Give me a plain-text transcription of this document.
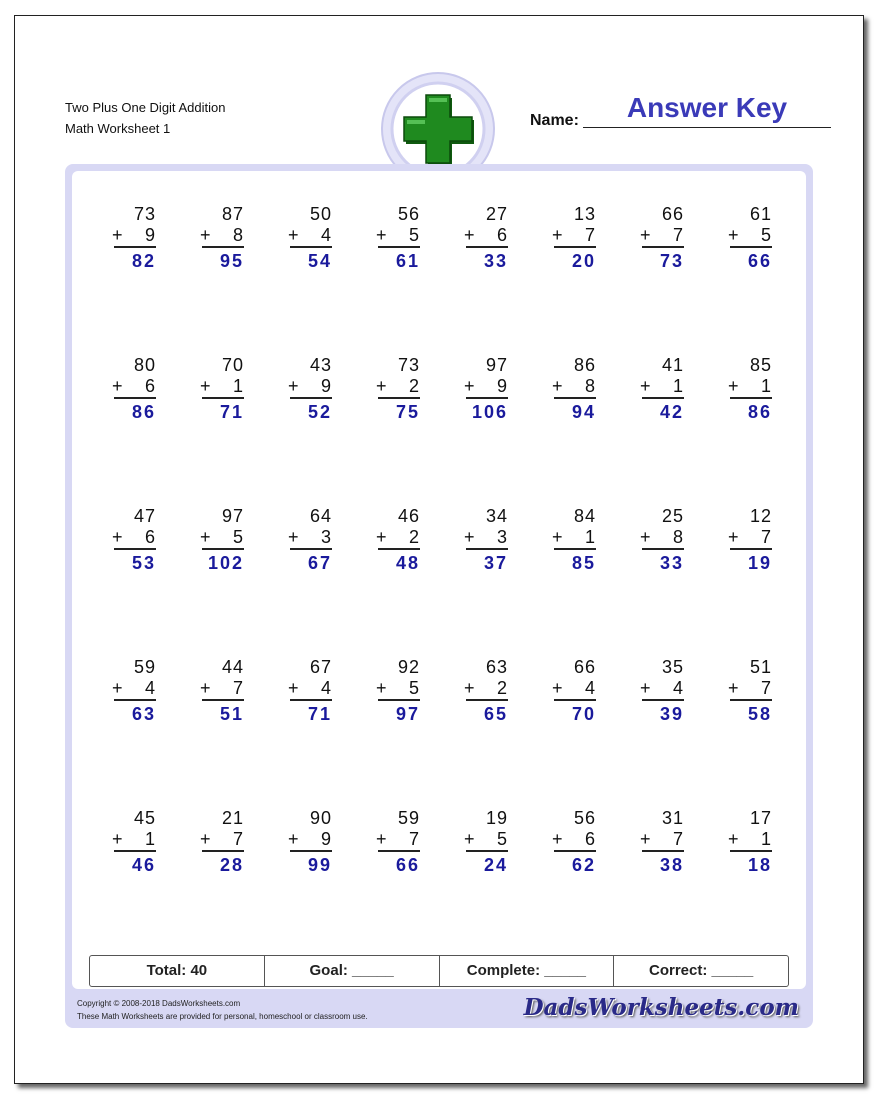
Two Plus One Digit Addition
Math Worksheet 1	Name:	Answer Key
73
+ 9
82
87
+ 8
95
50
+ 4
54
56
+ 5
61
27
+ 6
33
13
+ 7
20
66
+ 7
73
61
+ 5
66
80
+ 6
86
70
+ 1
71
43
+ 9
52
73
+ 2
75
97
+ 9
106
86
+ 8
94
41
+ 1
42
85
+ 1
86
47
+ 6
53
97
+ 5
102
64
+ 3
67
46
+ 2
48
34
+ 3
37
84
+ 1
85
25
+ 8
33
12
+ 7
19
59
+ 4
63
44
+ 7
51
67
+ 4
71
92
+ 5
97
63
+ 2
65
66
+ 4
70
35
+ 4
39
51
+ 7
58
45
+ 1
46
21
+ 7
28
90
+ 9
99
59
+ 7
66
19
+ 5
24
56
+ 6
62
31
+ 7
38
17
+ 1
18
Total: 40	Goal: _____	Complete: _____	Correct: _____
Copyright © 2008-2018 DadsWorksheets.com
These Math Worksheets are provided for personal, homeschool or classroom use.	DadsWorksheets.com
